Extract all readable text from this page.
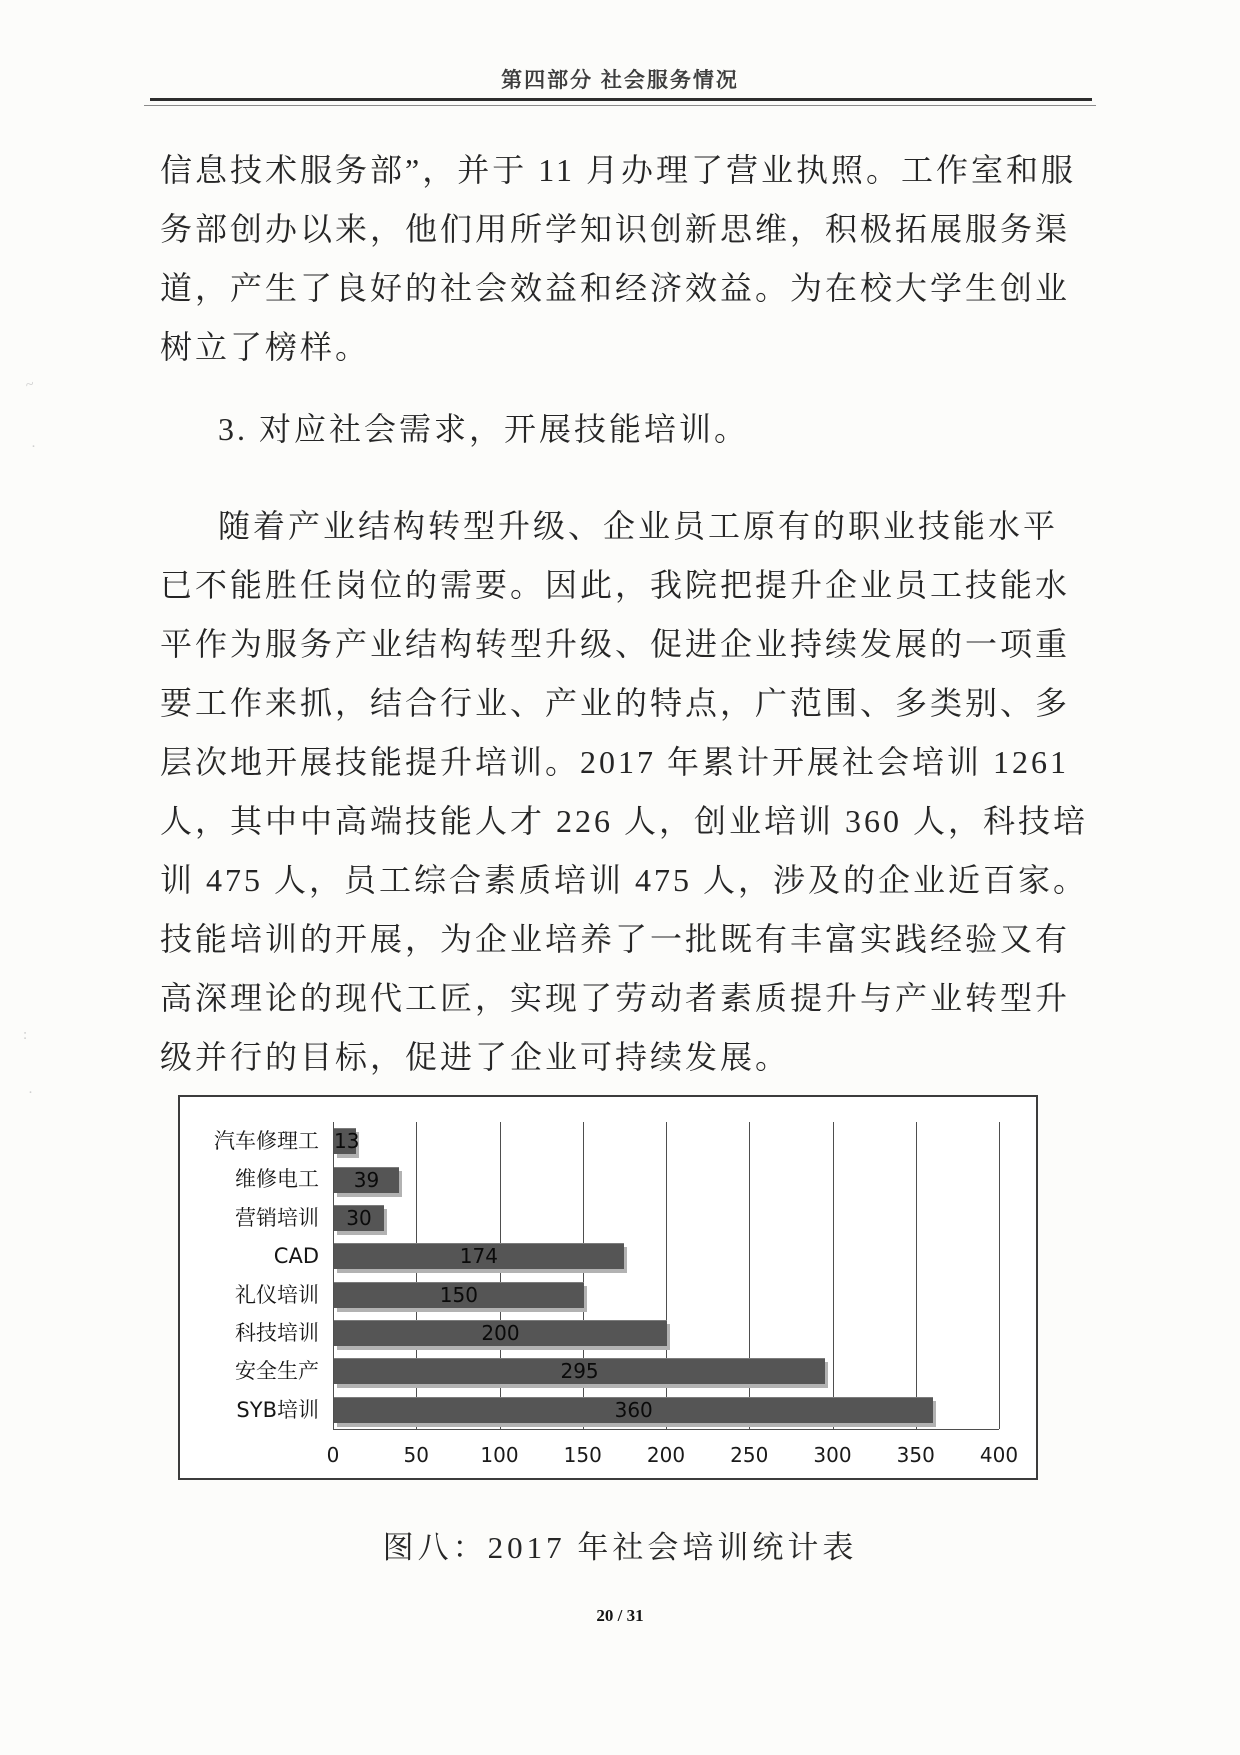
第四部分 社会服务情况
信息技术服务部”，并于 11 月办理了营业执照。工作室和服
务部创办以来，他们用所学知识创新思维，积极拓展服务渠
道，产生了良好的社会效益和经济效益。为在校大学生创业
树立了榜样。
3. 对应社会需求，开展技能培训。
随着产业结构转型升级、企业员工原有的职业技能水平
已不能胜任岗位的需要。因此，我院把提升企业员工技能水
平作为服务产业结构转型升级、促进企业持续发展的一项重
要工作来抓，结合行业、产业的特点，广范围、多类别、多
层次地开展技能提升培训。2017 年累计开展社会培训 1261
人，其中中高端技能人才 226 人，创业培训 360 人，科技培
训 475 人，员工综合素质培训 475 人，涉及的企业近百家。
技能培训的开展，为企业培养了一批既有丰富实践经验又有
高深理论的现代工匠，实现了劳动者素质提升与产业转型升
级并行的目标，促进了企业可持续发展。
汽车修理工 13
维修电工	39
营销培训	30
CAD	174
礼仪培训	150
科技培训	200
安全生产	295
SYB培训	360
0	50	100	150	200	250	300	350	400
图八：2017 年社会培训统计表
20 / 31
~
·
:
·
